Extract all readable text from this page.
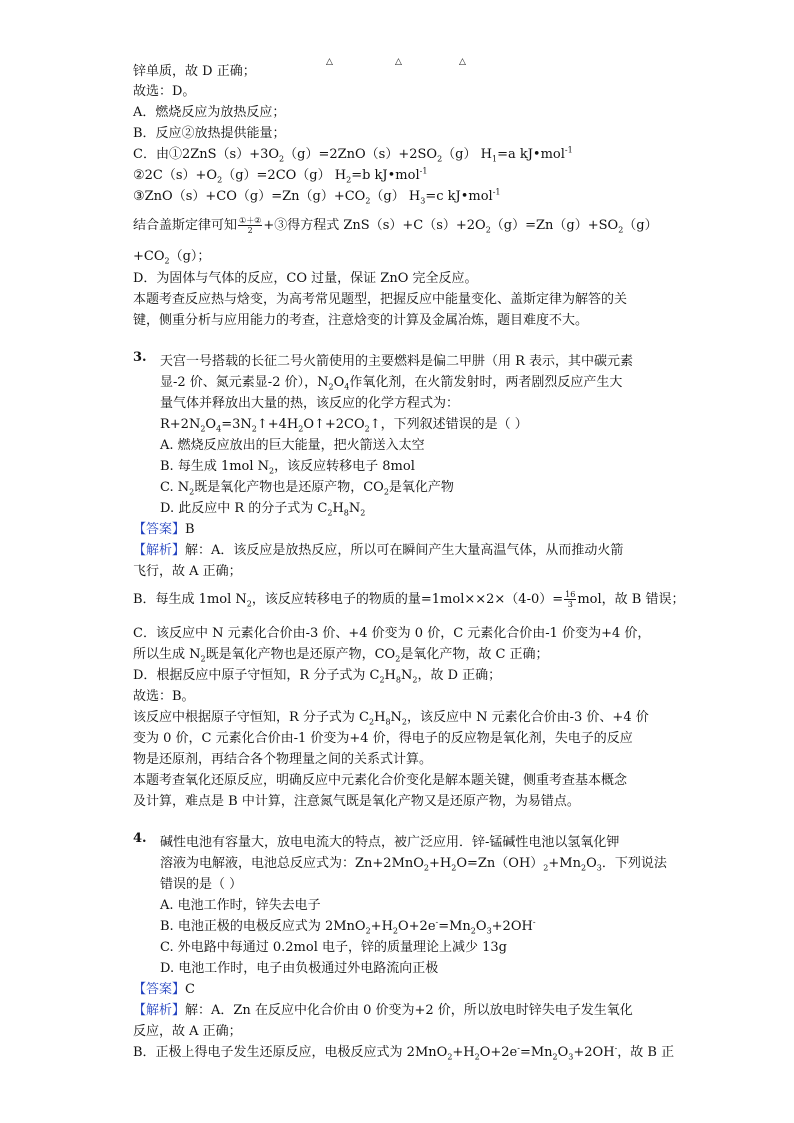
△	△	△
锌单质，故 D 正确；
故选：D。
A．燃烧反应为放热反应；
B．反应②放热提供能量；
C．由$①2ZnS(s)+3O_2(g)=2ZnO(s)+2SO_2(g)$ $H_1=a$ kJ•mol$^{-1}$
$②2C(s)+O_2(g)=2CO(g)$ $H_2=b$ kJ•mol$^{-1}$
$③ZnO(s)+CO(g)=Zn(g)+CO_2(g)$ $H_3=c$ kJ•mol$^{-1}$
结合盖斯定律可知 $\frac{\text{①＋②}}{2}$ +③得方程式 $ZnS(s)+C(s)+2O_2(g)=Zn(g)+SO_2(g)$
$+CO_2(g)$；
D．为固体与气体的反应，CO 过量，保证 ZnO 完全反应。
本题考查反应热与焓变，为高考常见题型，把握反应中能量变化、盖斯定律为解答的关
键，侧重分析与应用能力的考查，注意焓变的计算及金属冶炼，题目难度不大。
3. 天宫一号搭载的长征二号火箭使用的主要燃料是偏二甲肼（用 R 表示，其中碳元素
显-2 价、氮元素显-2 价），$N_2O_4$作氧化剂，在火箭发射时，两者剧烈反应产生大
量气体并释放出大量的热，该反应的化学方程式为：
$R+2N_2O_4=3N_2↑+4H_2O↑+2CO_2↑$，下列叙述错误的是（ ）
A. 燃烧反应放出的巨大能量，把火箭送入太空
B. 每生成 1mol $N_2$，该反应转移电子 8mol
C. $N_2$既是氧化产物也是还原产物，$CO_2$是氧化产物
D. 此反应中 R 的分子式为 $C_2H_8N_2$
【答案】B
【解析】解：A．该反应是放热反应，所以可在瞬间产生大量高温气体，从而推动火箭
飞行，故 A 正确；
B．每生成 1mol $N_2$，该反应转移电子的物质的量$=1mol\times\times 2\times(4-0)= \frac{16}{3}$ mol，故 B 错误；
C．该反应中 N 元素化合价由-3 价、+4 价变为 0 价，C 元素化合价由-1 价变为+4 价，
所以生成 $N_2$既是氧化产物也是还原产物，$CO_2$是氧化产物，故 C 正确；
D．根据反应中原子守恒知，R 分子式为 $C_2H_8N_2$，故 D 正确；
故选：B。
该反应中根据原子守恒知，R 分子式为 $C_2H_8N_2$，该反应中 N 元素化合价由-3 价、+4 价
变为 0 价，C 元素化合价由-1 价变为+4 价，得电子的反应物是氧化剂，失电子的反应
物是还原剂，再结合各个物理量之间的关系式计算。
本题考查氧化还原反应，明确反应中元素化合价变化是解本题关键，侧重考查基本概念
及计算，难点是 B 中计算，注意氮气既是氧化产物又是还原产物，为易错点。
4. 碱性电池有容量大，放电电流大的特点，被广泛应用．锌-锰碱性电池以氢氧化钾
溶液为电解液，电池总反应式为：$Zn+2MnO_2+H_2O=Zn(OH)_2+Mn_2O_3$．下列说法
错误的是（ ）
A. 电池工作时，锌失去电子
B. 电池正极的电极反应式为 $2MnO_2+H_2O+2e^-=Mn_2O_3+2OH^-$
C. 外电路中每通过 0.2mol 电子，锌的质量理论上减少 13g
D. 电池工作时，电子由负极通过外电路流向正极
【答案】C
【解析】解：A．Zn 在反应中化合价由 0 价变为+2 价，所以放电时锌失电子发生氧化
反应，故 A 正确；
B．正极上得电子发生还原反应，电极反应式为 $2MnO_2+H_2O+2e^-=Mn_2O_3+2OH^-$，故 B 正
